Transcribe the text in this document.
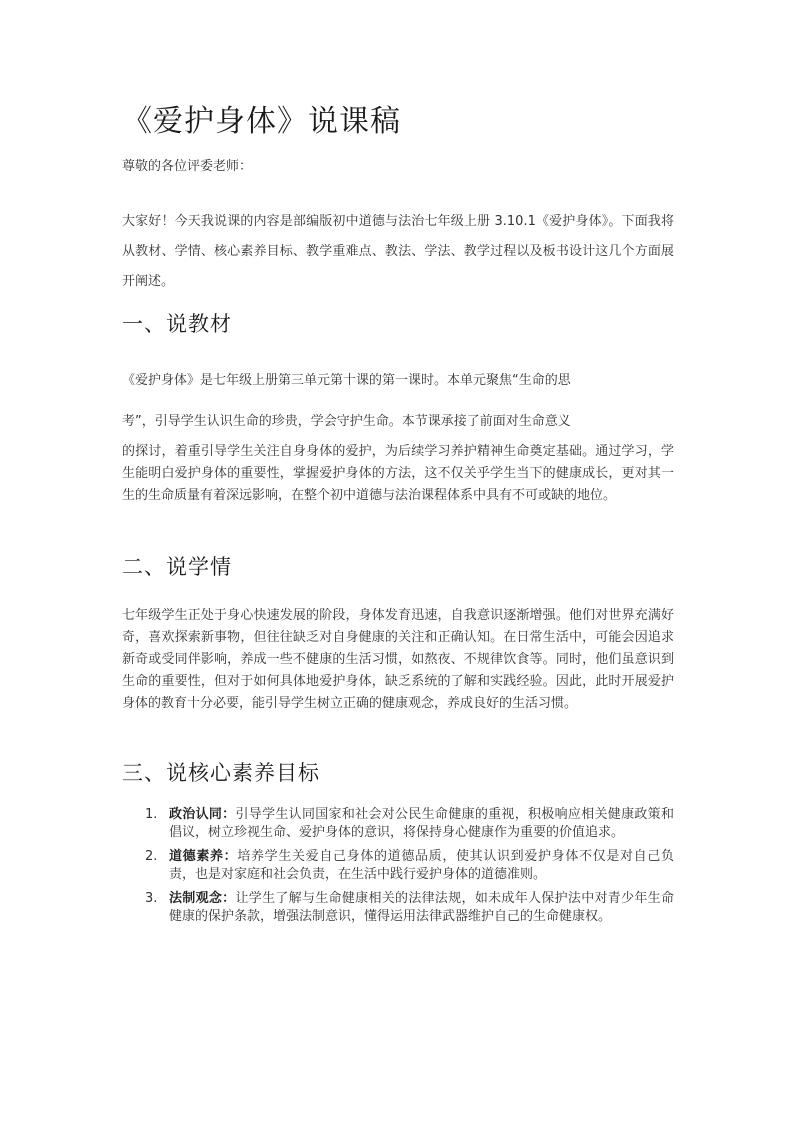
《爱护身体》说课稿

尊敬的各位评委老师：

大家好！今天我说课的内容是部编版初中道德与法治七年级上册 3.10.1《爱护身体》。下面我将从教材、学情、核心素养目标、教学重难点、教法、学法、教学过程以及板书设计这几个方面展开阐述。

一、说教材

《爱护身体》是七年级上册第三单元第十课的第一课时。本单元聚焦“生命的思

考”，引导学生认识生命的珍贵，学会守护生命。本节课承接了前面对生命意义

的探讨，着重引导学生关注自身身体的爱护，为后续学习养护精神生命奠定基础。通过学习，学生能明白爱护身体的重要性，掌握爱护身体的方法，这不仅关乎学生当下的健康成长，更对其一生的生命质量有着深远影响，在整个初中道德与法治课程体系中具有不可或缺的地位。

二、说学情

七年级学生正处于身心快速发展的阶段，身体发育迅速，自我意识逐渐增强。他们对世界充满好奇，喜欢探索新事物，但往往缺乏对自身健康的关注和正确认知。在日常生活中，可能会因追求新奇或受同伴影响，养成一些不健康的生活习惯，如熬夜、不规律饮食等。同时，他们虽意识到生命的重要性，但对于如何具体地爱护身体，缺乏系统的了解和实践经验。因此，此时开展爱护身体的教育十分必要，能引导学生树立正确的健康观念，养成良好的生活习惯。

三、说核心素养目标
1. 政治认同：引导学生认同国家和社会对公民生命健康的重视，积极响应相关健康政策和倡议，树立珍视生命、爱护身体的意识，将保持身心健康作为重要的价值追求。
2. 道德素养：培养学生关爱自己身体的道德品质，使其认识到爱护身体不仅是对自己负责，也是对家庭和社会负责，在生活中践行爱护身体的道德准则。
3. 法制观念：让学生了解与生命健康相关的法律法规，如未成年人保护法中对青少年生命健康的保护条款，增强法制意识，懂得运用法律武器维护自己的生命健康权。
